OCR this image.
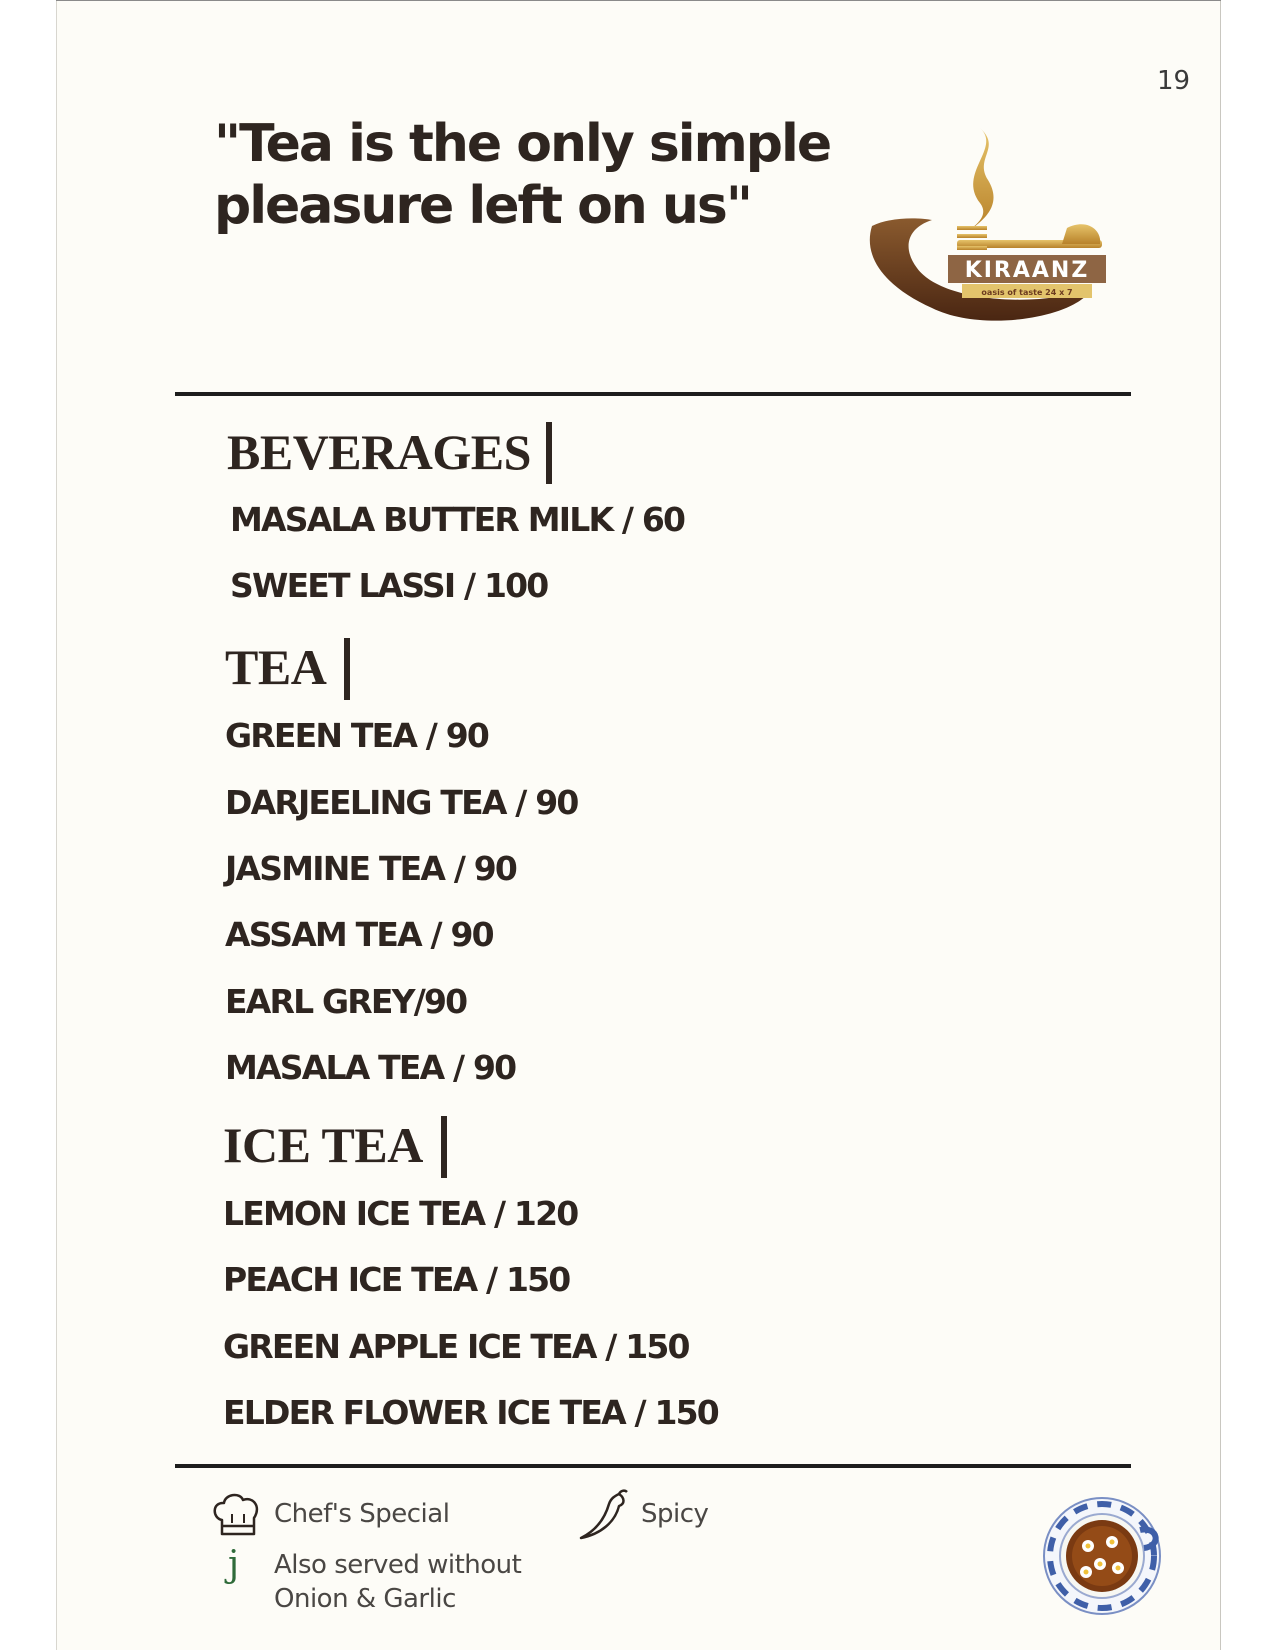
19
"Tea is the only simple
pleasure left on us"
KIRAANZ
oasis of taste 24 x 7
BEVERAGES
MASALA BUTTER MILK / 60
SWEET LASSI / 100
TEA
GREEN TEA / 90
DARJEELING TEA / 90
JASMINE TEA / 90
ASSAM TEA / 90
EARL GREY/90
MASALA TEA / 90
ICE TEA
LEMON ICE TEA / 120
PEACH ICE TEA / 150
GREEN APPLE ICE TEA / 150
ELDER FLOWER ICE TEA / 150
Chef's Special	Spicy
j Also served without
Onion & Garlic
